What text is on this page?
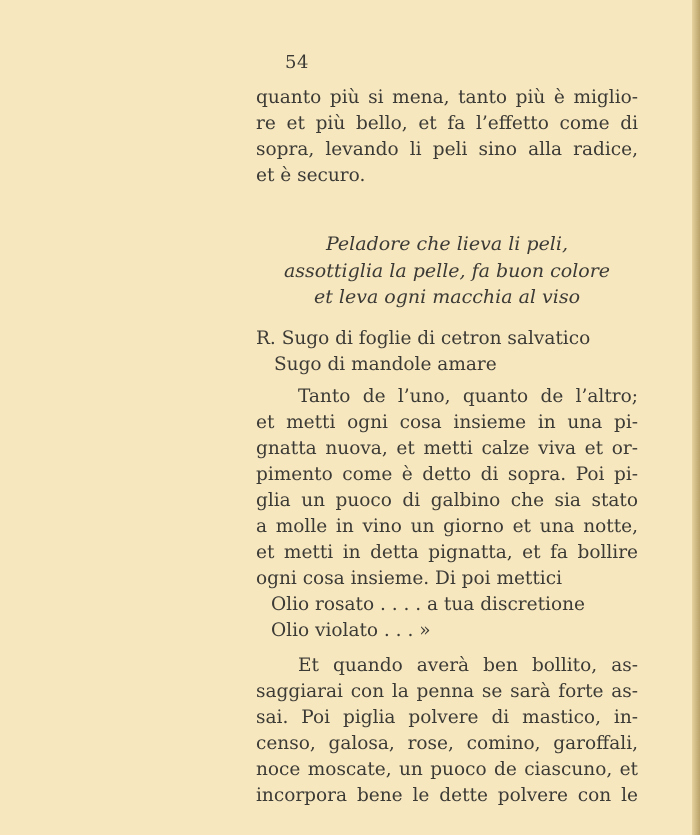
54
quanto più si mena, tanto più è miglio-
re et più bello, et fa l’effetto come di
sopra, levando li peli sino alla radice,
et è securo.
Peladore che lieva li peli,
assottiglia la pelle, fa buon colore
et leva ogni macchia al viso
R. Sugo di foglie di cetron salvatico
Sugo di mandole amare
Tanto de l’uno, quanto de l’altro;
et metti ogni cosa insieme in una pi-
gnatta nuova, et metti calze viva et or-
pimento come è detto di sopra. Poi pi-
glia un puoco di galbino che sia stato
a molle in vino un giorno et una notte,
et metti in detta pignatta, et fa bollire
ogni cosa insieme. Di poi mettici
Olio rosato . . . . a tua discretione
Olio violato . . . »
Et quando averà ben bollito, as-
saggiarai con la penna se sarà forte as-
sai. Poi piglia polvere di mastico, in-
censo, galosa, rose, comino, garoffali,
noce moscate, un puoco de ciascuno, et
incorpora bene le dette polvere con le
